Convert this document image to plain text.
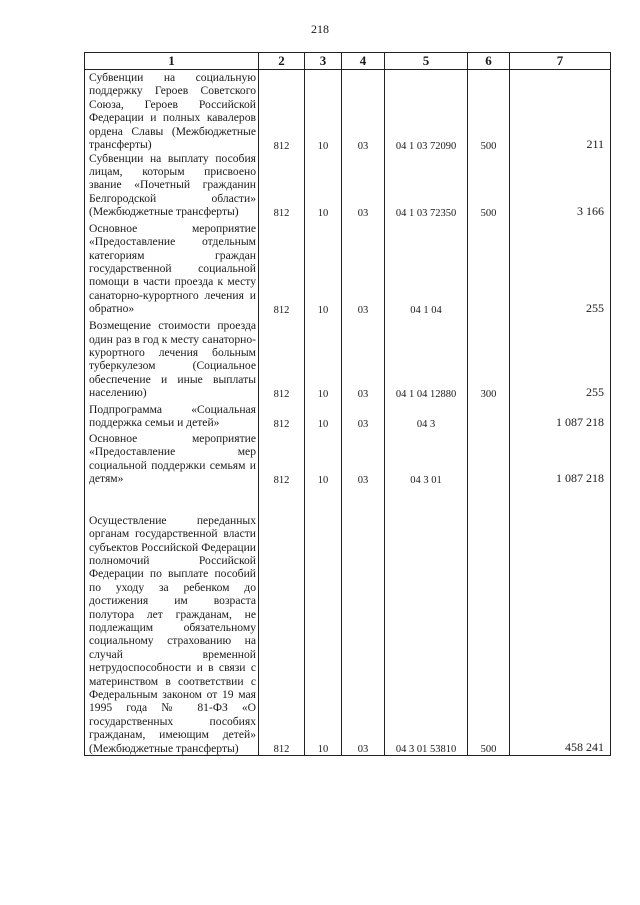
218
1	2	3	4	5	6	7
Субвенции на социальную поддержку Героев Советского Союза, Героев Российской Федерации и полных кавалеров ордена Славы (Межбюджетные трансферты)	812	10	03	04 1 03 72090	500	211
Субвенции на выплату пособия лицам, которым присвоено звание «Почетный гражданин Белгородской области» (Межбюджетные трансферты)	812	10	03	04 1 03 72350	500	3 166
Основное мероприятие «Предоставление отдельным категориям граждан государственной социальной помощи в части проезда к месту санаторно-курортного лечения и обратно»	812	10	03	04 1 04		255
Возмещение стоимости проезда один раз в год к месту санаторно-курортного лечения больным туберкулезом (Социальное обеспечение и иные выплаты населению)	812	10	03	04 1 04 12880	300	255
Подпрограмма «Социальная поддержка семьи и детей»	812	10	03	04 3		1 087 218
Основное мероприятие «Предоставление мер социальной поддержки семьям и детям»	812	10	03	04 3 01		1 087 218
Осуществление переданных органам государственной власти субъектов Российской Федерации полномочий Российской Федерации по выплате пособий по уходу за ребенком до достижения им возраста полутора лет гражданам, не подлежащим обязательному социальному страхованию на случай временной нетрудоспособности и в связи с материнством в соответствии с Федеральным законом от 19 мая 1995 года № 81-ФЗ «О государственных пособиях гражданам, имеющим детей» (Межбюджетные трансферты)	812	10	03	04 3 01 53810	500	458 241
